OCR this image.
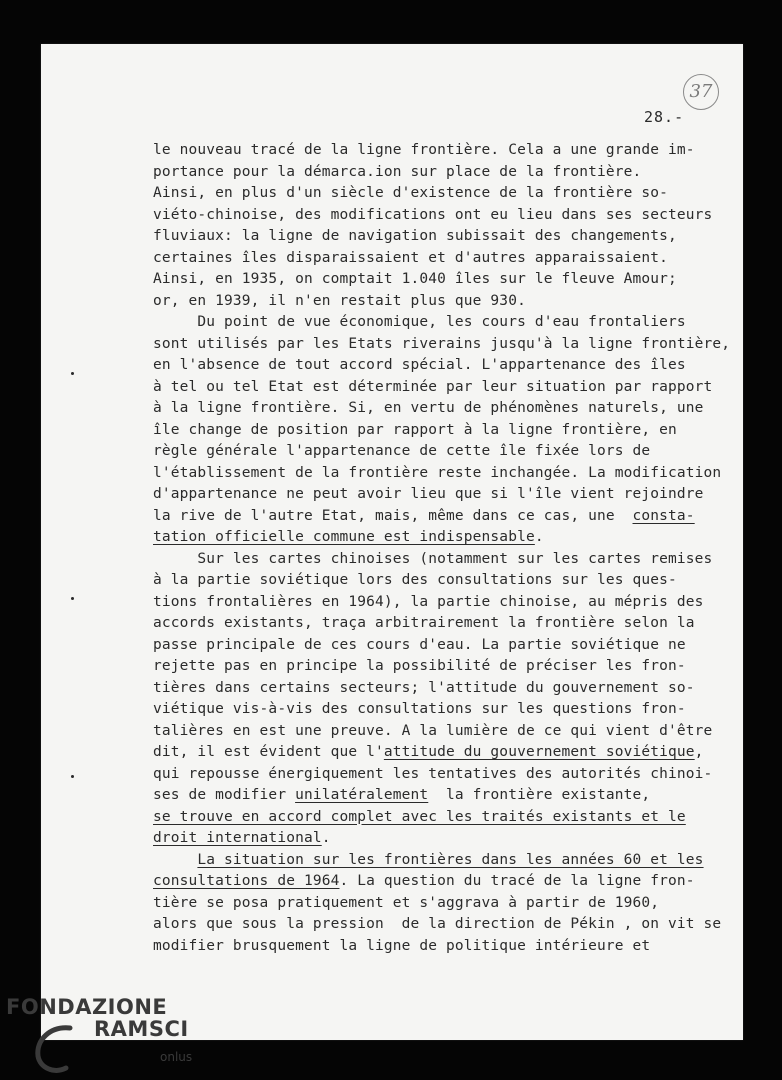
37
28.-
le nouveau tracé de la ligne frontière. Cela a une grande im-
portance pour la démarca.ion sur place de la frontière.
Ainsi, en plus d'un siècle d'existence de la frontière so-
viéto-chinoise, des modifications ont eu lieu dans ses secteurs
fluviaux: la ligne de navigation subissait des changements,
certaines îles disparaissaient et d'autres apparaissaient.
Ainsi, en 1935, on comptait 1.040 îles sur le fleuve Amour;
or, en 1939, il n'en restait plus que 930.
Du point de vue économique, les cours d'eau frontaliers
sont utilisés par les Etats riverains jusqu'à la ligne frontière,
en l'absence de tout accord spécial. L'appartenance des îles
à tel ou tel Etat est déterminée par leur situation par rapport
à la ligne frontière. Si, en vertu de phénomènes naturels, une
île change de position par rapport à la ligne frontière, en
règle générale l'appartenance de cette île fixée lors de
l'établissement de la frontière reste inchangée. La modification
d'appartenance ne peut avoir lieu que si l'île vient rejoindre
la rive de l'autre Etat, mais, même dans ce cas, une  consta-
tation officielle commune est indispensable.
Sur les cartes chinoises (notamment sur les cartes remises
à la partie soviétique lors des consultations sur les ques-
tions frontalières en 1964), la partie chinoise, au mépris des
accords existants, traça arbitrairement la frontière selon la
passe principale de ces cours d'eau. La partie soviétique ne
rejette pas en principe la possibilité de préciser les fron-
tières dans certains secteurs; l'attitude du gouvernement so-
viétique vis-à-vis des consultations sur les questions fron-
talières en est une preuve. A la lumière de ce qui vient d'être
dit, il est évident que l'attitude du gouvernement soviétique,
qui repousse énergiquement les tentatives des autorités chinoi-
ses de modifier unilatéralement  la frontière existante,
se trouve en accord complet avec les traités existants et le
droit international.
La situation sur les frontières dans les années 60 et les
consultations de 1964. La question du tracé de la ligne fron-
tière se posa pratiquement et s'aggrava à partir de 1960,
alors que sous la pression  de la direction de Pékin , on vit se
modifier brusquement la ligne de politique intérieure et
FONDAZIONE
RAMSCI
onlus
